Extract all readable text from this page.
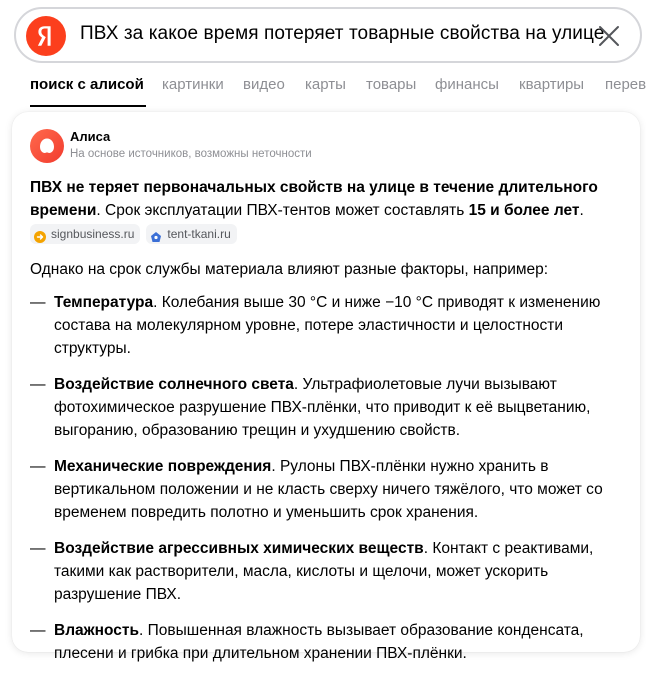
ПВХ за какое время потеряет товарные свойства на улице
поиск с алисой картинки видео карты товары финансы квартиры перев
Алиса
На основе источников, возможны неточности

ПВХ не теряет первоначальных свойств на улице в течение длительного времени. Срок эксплуатации ПВХ-тентов может составлять 15 и более лет.

signbusiness.ru	tent-tkani.ru

Однако на срок службы материала влияют разные факторы, например:

— Температура. Колебания выше 30 °C и ниже −10 °C приводят к изменению состава на молекулярном уровне, потере эластичности и целостности структуры.
— Воздействие солнечного света. Ультрафиолетовые лучи вызывают фотохимическое разрушение ПВХ-плёнки, что приводит к её выцветанию, выгоранию, образованию трещин и ухудшению свойств.
— Механические повреждения. Рулоны ПВХ-плёнки нужно хранить в вертикальном положении и не класть сверху ничего тяжёлого, что может со временем повредить полотно и уменьшить срок хранения.
— Воздействие агрессивных химических веществ. Контакт с реактивами, такими как растворители, масла, кислоты и щелочи, может ускорить разрушение ПВХ.
— Влажность. Повышенная влажность вызывает образование конденсата, плесени и грибка при длительном хранении ПВХ-плёнки.
